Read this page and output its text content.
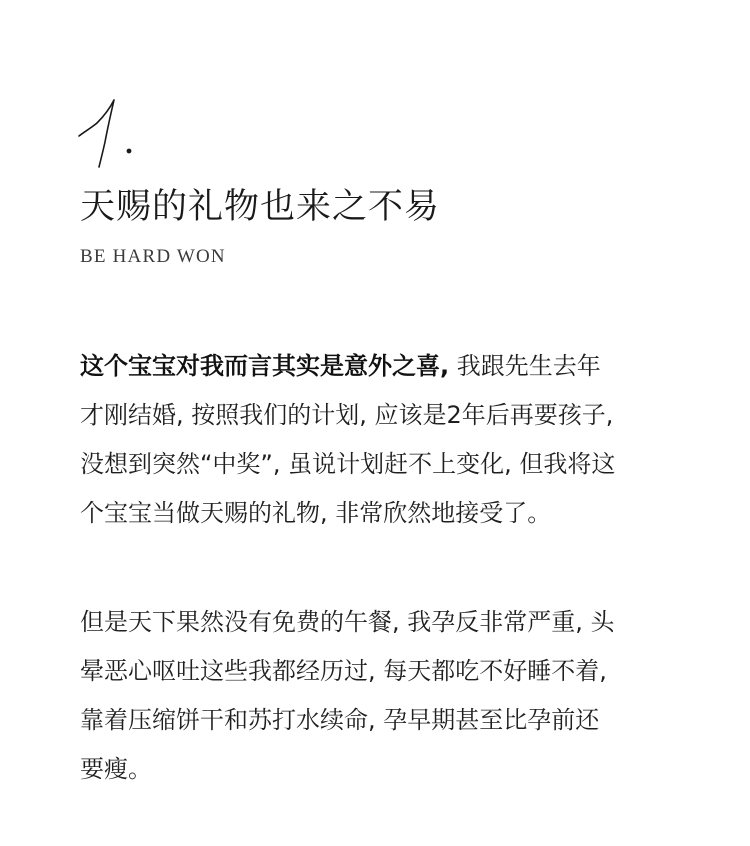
天赐的礼物也来之不易

BE HARD WON

这个宝宝对我而言其实是意外之喜, 我跟先生去年
才刚结婚, 按照我们的计划, 应该是2年后再要孩子,
没想到突然“中奖”, 虽说计划赶不上变化, 但我将这
个宝宝当做天赐的礼物, 非常欣然地接受了。

但是天下果然没有免费的午餐, 我孕反非常严重, 头
晕恶心呕吐这些我都经历过, 每天都吃不好睡不着,
靠着压缩饼干和苏打水续命, 孕早期甚至比孕前还
要瘦。
